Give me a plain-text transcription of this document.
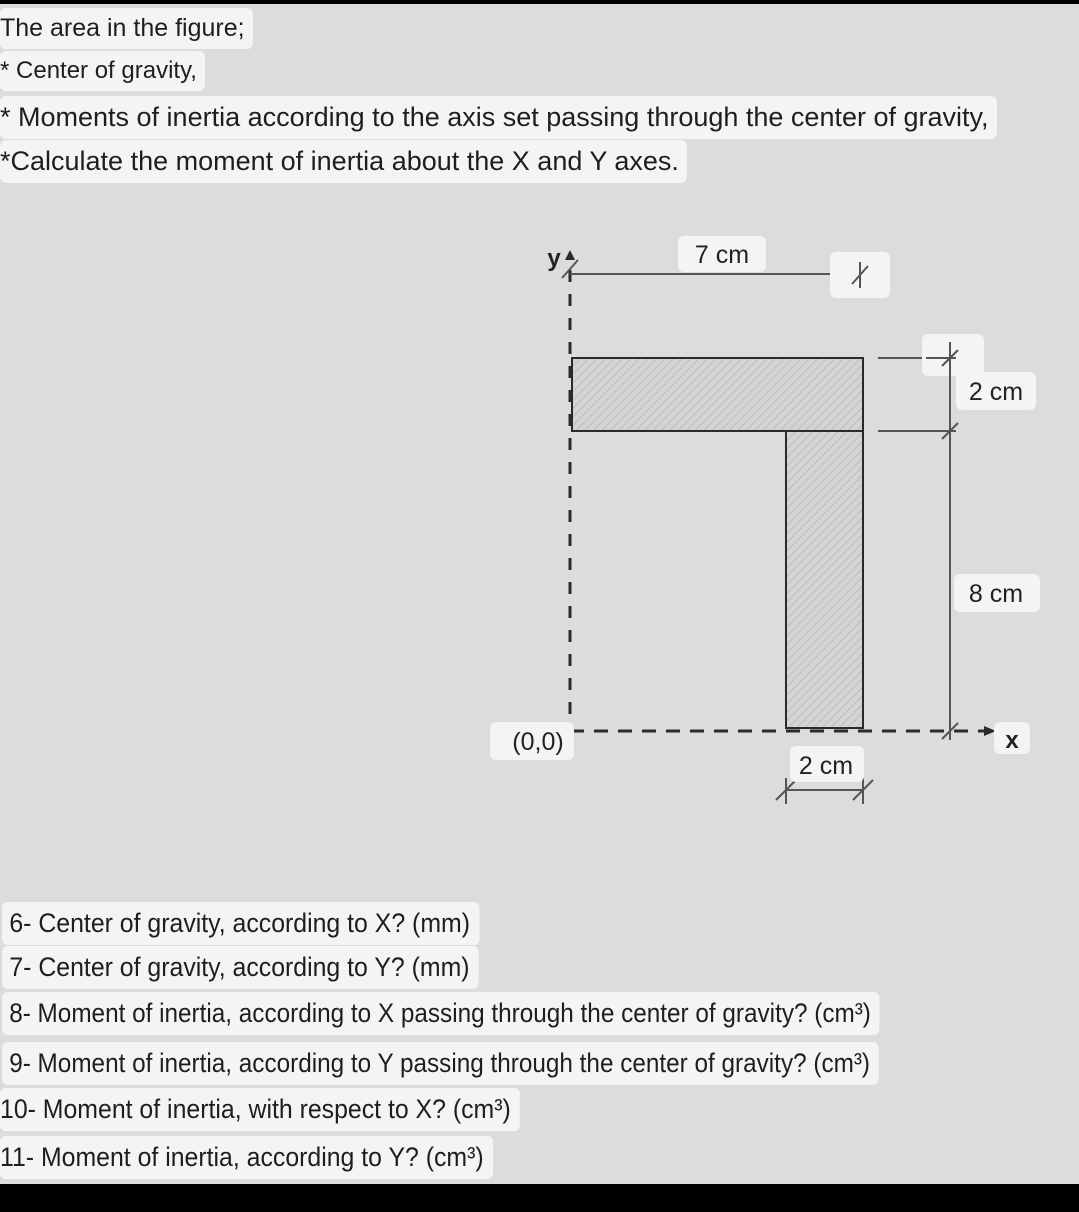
The area in the figure;
* Center of gravity,
* Moments of inertia according to the axis set passing through the center of gravity,
*Calculate the moment of inertia about the X and Y axes.
7 cm
2 cm
8 cm
2 cm
(0,0)	x
y
6- Center of gravity, according to X? (mm)
7- Center of gravity, according to Y? (mm)
8- Moment of inertia, according to X passing through the center of gravity? (cm³)
9- Moment of inertia, according to Y passing through the center of gravity? (cm³)
10- Moment of inertia, with respect to X? (cm³)
11- Moment of inertia, according to Y? (cm³)
